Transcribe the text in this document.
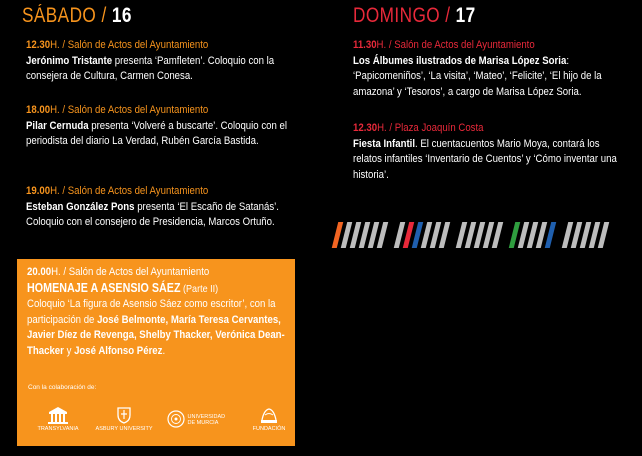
SÁBADO / 16
12.30H. / Salón de Actos del Ayuntamiento
Jerónimo Tristante presenta ‘Pamfleten’. Coloquio con la consejera de Cultura, Carmen Conesa.
18.00H. / Salón de Actos del Ayuntamiento
Pilar Cernuda presenta ‘Volveré a buscarte’. Coloquio con el periodista del diario La Verdad, Rubén García Bastida.
19.00H. / Salón de Actos del Ayuntamiento
Esteban González Pons presenta ‘El Escaño de Satanás’. Coloquio con el consejero de Presidencia, Marcos Ortuño.
20.00H. / Salón de Actos del Ayuntamiento
HOMENAJE A ASENSIO SÁEZ (Parte II)
Coloquio ‘La figura de Asensio Sáez como escritor’, con la participación de José Belmonte, María Teresa Cervantes, Javier Díez de Revenga, Shelby Thacker, Verónica Dean-Thacker y José Alfonso Pérez.
Con la colaboración de:
TRANSYLVANIA	ASBURY UNIVERSITY
UNIVERSIDAD DE MURCIA
FUNDACIÓN
DOMINGO / 17
11.30H. / Salón de Actos del Ayuntamiento
Los Álbumes ilustrados de Marisa López Soria: ‘Papicomeniños’, ‘La visita’, ‘Mateo’, ‘Felicite’, ‘El hijo de la amazona’ y ‘Tesoros’, a cargo de Marisa López Soria.
12.30H. / Plaza Joaquín Costa
Fiesta Infantil. El cuentacuentos Mario Moya, contará los relatos infantiles ‘Inventario de Cuentos’ y ‘Cómo inventar una historia’.
